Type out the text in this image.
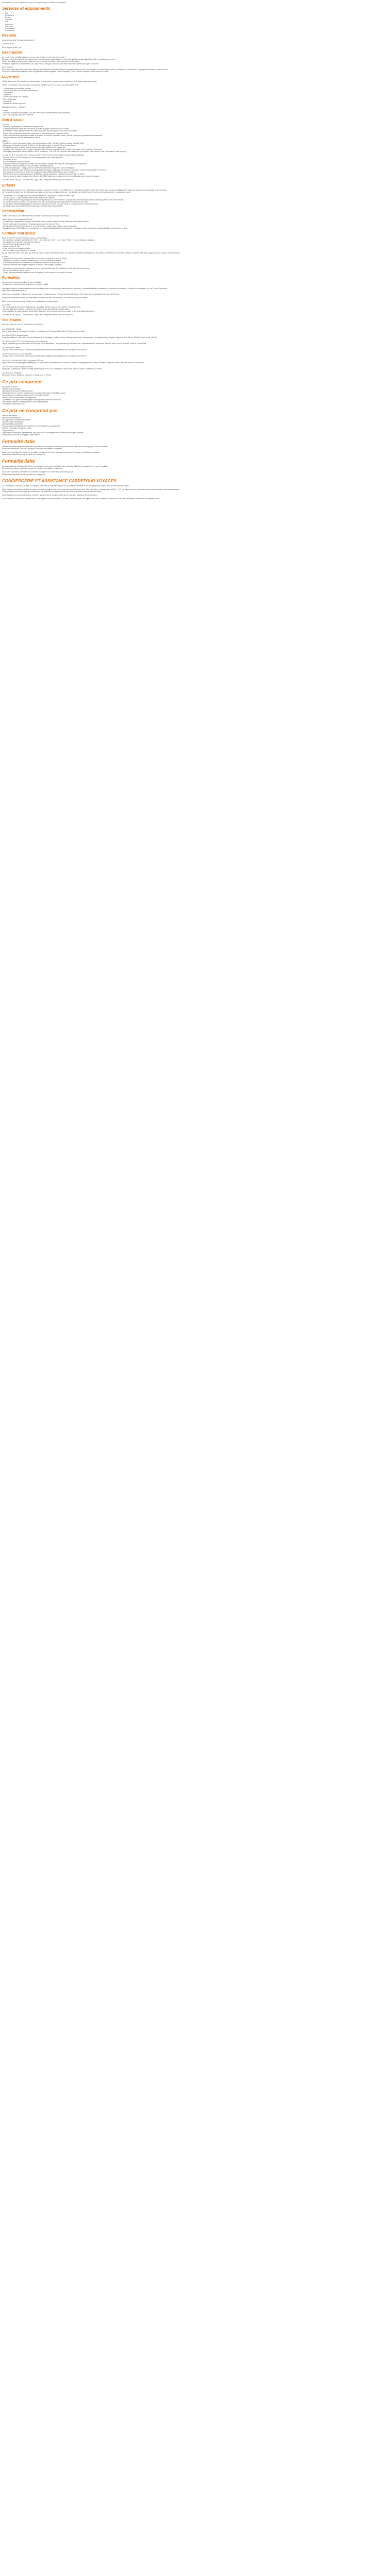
Descriptions Ce prix comprend / Ce prix ne comprend pas Formalités Conciergerie
Services et équipements
- Wifi
- Restaurant
- Piscine
- Climatisé
- Golf
- Ascenseur
- Télévision
- Climatisation
- Conciergerie
Résumé
Logement au club Framissima Agrustos 4*
Circuit en étoile
Sans support guide / jour
Description
Ce circuit est un véritable plongeon au coeur de la culture et du patrimoine sarde !
Découvrez des sites naturels exceptionnels ornés des criques paradisiaques et des régions citées au sans laquelle profiter de vos vacances pour...
Visitez des villages typiquement méditerranéens et goûtez aux plaisirs gastronomiques de la région.
Profitez du logement au Framissima Del Golfo 4* tout au long du circuit et ainsi retrouvez votre chambre pour plus de confort.
INFO VENTE :
Excursions regroupant avec des clients logeant dans différents hôtels et résidents (les participants peuvent donc changer d'une excursion à l'autre), placées sur le même bus et regroupant les clients de tout le circuit.
Excursions peuvent être réalisées avec un guide en plusieurs langues (dont le français). Guide pouvant changer d'une excursion à l'autre.
Logement
L'hôtel dispose de 131 chambres modernes dans le style sarde et répartie dans 4 bâtiments de 2 étages (sans ascenseur).
Durant votre séjour, nous vous logez en chambre standard (17 à 21 m²) avec ou patio (équipée de :
- 2 lits simples (pouvant être accolés)
- Salle de bain avec douche et sèche-cheveux
- Climatisation
- Téléphone
- Télévision (chaînes par satellite)
- Mini-réfrigérateur
- Coffre-fort
- Fenêtre vue jardin ou piscine
Capacité maximum : 2 adultes
A noter :
- Certaines chambres aménagées pour les personnes à mobilité réduite (sur demande).
- Wi-Fi est disponible dans les chambres.
Bon à savoir
CIRCUIT :
- Minimum 2 participants et maximum 50 participants
- Guide francophone durant les excursions (pouvant changer d'une excursion à l'autre)
- Possibilité de regroupement durant les excursions avec des participants d'une autre compagnie
- Repas selon programme durant les excursions et les boissons sont incluses à l'hôtel
- L'ordre des excursions peut être modifié en fonction de certains impératifs locaux, mais le contenu du programme sera respecté.
- Taxe portuaire aux îles de la Maddalena incluse
HÔTEL :
- Transfert en apéro (voyages) (sauf en cas de heures de retour). Temps d'attente possible : jusqu'à 1h30.
- Chambres à disposition à partir de 16h le jour de votre arrivée et jusqu'à 10h le jour du départ.
- Possibilité de sortie, mais ce taux demande votre disponibilité et son supplément.
- Jusqu'au 14/9 : Nouvelle mise en place directive Savoir (tous les samedis matin), l'hôtel ouvre après midi et les jours de travaux.
- Information susceptible d'être modifié en cours de saison) : 100 EUR par personne aller-retour (sur réservation, sous réserve d'une réservation à partir du prix).
- A partir du 11/9 : Nouvelle mise en place directive Porto Torres (sur réservation minimum 20 participants)
- Arrêt de bus à 50 m de l'hôtel (en ce mode relativement avec Savoir et Sacro.
- Chambres au rez.
- Pas de chambres communicantes.
- Espaces communs et plage accessibles aux personnes à mobilité réduite (Grill d'éclairage) (GB disponibles).
- 4 chambres standard adaptées aux personnes à mobilité réduite.
- Animaux domestiques : 15 kg admis sur réservation préalable uniquement (300 EUR/séjour).
- Selon la loi italienne, l'âge minimum pour la pratique des sports nautiques est de 14 ans. Consult : mineurs accompagnés d'un parent.
- Parking privé à l'extérieur de l'hôtel, en fonction de disponibilité (20 EUR/jour, payé sur place).
- Prêt de serviettes de plage (caution de 10 EUR en espèce seulement, changement de serviette : 3 EUR).
- Taxe de séjour à régler sur place (dès 15 ans) : 2.5 EUR/nuit/personne sous réserve de modification par les autorités locales.
CONSEIL ELECTRIQUE : 230V et 50Hz. Type F et L. Adaptateur nécessaire pour le prise L.
Enfants
Les Framissima sont pour vos enfants synonymes de vacances réussies et inoubliables ! Le kit d'accueil est offert à tous les enfants, cela va des produits pour les petits aux grands jeux sur la plage et de la reprise.
Le Framiclub est animé par des éducateurs du sport comme par des animateurs, de... de dessins, de l'activité sportive aux jeux de la découverte en passant au sport...
- Club enfant 4 à 10 ans (gratuit et par ses animateurs) à 7 ans selon la période et selon l'âge.
- Junior Club (11-17 ans) fonctionnement selon de plus de 5 enfants.
- Le bar gratuit 09/09/2006 (Indiqué) le montant de la présence ou bien le même le club propose des animations et des activités sportives et la soirée enfants.
- Le club pour bébés (0-3 ans) : sur demande, contacter la réception pour la disponibilité des services du centre.
- Le bar gratuit 09/09/2006 (Indiqué) le montant de la présence sur les bons de même le club propose des animations et les.
- Le club propose des activités et des sorties pour enfants (selon disponibilité).
Restauration
Durant votre séjour, vous bénéficiez de la formule tout inclus (voir rubrique tout inclus)
L'hôtel dispose d'un restaurant et 1 bar :
- Le restaurant principal vous propose des buffets variés, cuisine italienne et internationale, des soirées à thème.
- Pour les fêtes de fin d'année, les Framissima proposent le dîner à thème.
- Le bar piscine 09:00 / 23:00 : la bière, vin de la maison, sodas, eaux, snacks, cafés et cocktails.
- Snack bar plage 10:00 / 18:00 sur réservation. Les boissons alcoolisées et non alcoolisées proposées au bar en fonction des disponibilités, confort selon la carte.
Formule tout inclus
Dans le cadre de votre formule tout inclus, vous bénéficiez :
- de la pension complète (petit déjeuner 7h30 / 10h ; déjeuner 12h30 / 14h et dîner 19h30 / 21h) au restaurant principal.
- de snacks sucrés et salés pour la fin de matinée
- petit déjeuner tardif à partir de 10h
- goûter à partir de 16h
- d'une sélection de boissons locales :
- bar, vin, sodas, eaux minérales (à volonté)
Au bar central de 10h à 23h : eau, jus de fruits, sodas, sirops, café frappé, bière, vin, apéritifs et digestifs italiens (amaro, limoncello...) ; sélection de cocktails ; boissons chaudes (café filtré, cappuccino, thé, tisane, chocolat chaud).
A noter :
- Les boissons sont servies au verre selon les horaires en vigueur au sein de l'hôtel.
- Système de bracelet en carte à présenter pour toute consommation au bar
- Il est interdit de servir les boissons alcoolisées aux mineurs de moins de 18 ans.
- Certaines activités ne sont pas comprises et les prix sont indiqués sur place.
- Les horaires d'ouverture des restaurants et bars sont mentionnés à titre indicatif et sont à reconfirmer sur place.
- Pas de possibilité de panier repas.
- Toutes les consommations prises au bar de la plage ne sont pas incluses dans la formule.
Formalités
Ressortissants français (adultes, bébés et enfants) :
- Passeport ou carte nationale d'identité en cours de validité
Les règles relatives au franchissement des frontières propres à chaque pays étant amenées à évoluer, il vous est fortement conseillé de se reporter à la rubrique "Conseils aux voyageurs" du site France Diplomatie
(https://www.diplomatie.gouv.fr).
Les mineurs voyageant seuls ou avec une personne ne disposant pas de l'autorité parentale doivent être munis d'une autorisation de sortie du territoire.
Pour toute information relative aux formalités, se rapprocher de l'ambassade ou du consulat du pays concerné.
Nous vous recommandons de vérifier les formalités avant chaque départ.
A NOTER :
- En cas d'oubli de votre pièce d'identité, la compagnie aérienne pourra vous refuser l'embarquement.
- La carte d'identité française prolongée de 5 ans n'est pas acceptée par certains pays.
- Les modalités de passeport sont susceptibles d'évoluer, les voyageurs doivent consulter le site www.diplomatie.gouv.fr.
CONSEIL ELECTRIQUE : 230V et 50Hz. Type F et L. Adaptateur nécessaire pour la prise L.
Vos étapes
PROGRAMME VALIDE DU 13/04/2025 AU 26/09/25
Jour 1 FRANCE - OLBIA
Arrivée selon plan de vol. Accueil, transfert et installation au Framissima Del Golfo 4*. Dîner et nuit à l'hôtel.
Jour 2 ALGHERO (demi-journée)
Route pour Alghero, ville portée du plus attrayant de la Sardaigne. Visite du centre historique avec ses ruelles pavées, ses églises et ses remparts. Déjeuner libre. Retour à l'hôtel. Dîner et nuit à l'hôtel.
Jour 3 ARCHIPEL DE LA MADDALENA (journée / 180 km)
Départ en bateau pour la découverte de l'archipel de La Maddalena. Tour panoramique de l'île en bus. Déjeuner dans un restaurant. Retour à Palau. Retour à l'hôtel. Dîner et nuit à l'hôtel.
Jour 4 LOISIRS LIBRE
Journée libre en formule tout compris pour profiter des installations et animations du Framissima Del Golfo 4*.
Jour 5 VALLÉE DE LA LUNA (journée)
Journée libre en formule tout compris pour profiter des installations et animations du Framissima Del Golfo 4*.
Jour 6 SUD SARDAIGNE VIEILLE (journée / 180 km)
Départ à travers des paysages magnifiques à la découverte des traditions de la Gallura. Arrivée au village typique de Tempio Pausania. Déjeuner. Retour à l'hôtel. Dîner et nuit à l'hôtel.
Jour 7 CASTELSARDO (demi-journée)
Route vers Castelsardo. Visite du village médiéval perché sur un promontoire. Temps libre. Retour à l'hôtel. Dîner et nuit à l'hôtel.
Jour 8 OLBIA - FRANCE
Selon plan de vol, transfert à l'aéroport et départ pour la France.
Ce prix comprend
Le vol aller et retour
Les taxes aéroportuaires
Les transferts aéroport / hôtel / aéroport
L'hébergement en chambre standard au Framissima Del Golfo 4* (fenêtre incluse)
Les repas selon programme et la formule tout inclus à l'hôtel
Les excursions mentionnées au programme
La présence d'un guide accompagnateur francophone durant les excursions
Les entrées, visites et activités prévues dans le programme
L'assistance pendant le séjour
Ce prix ne comprend pas
Les frais de dossier
Les frais de modification
Le supplément chambre individuelle
Les assurances facultatives
Les dépenses personnelles
Les excursions facultatives et les activités non mentionnées au programme
Les taxes de séjour à régler sur place
Les pourboires
Les garanties assistance, rapatriement, frais médicaux et d'hospitalisation, assistance juridique et pénale.
Les garanties annulation, bagages, retard aérien.
Formalité Italie
Les ressortissants français doivent être en possession d'une pièce d'identité (carte nationale d'identité ou passeport) en cours de validité.
Pour vos informations, consultez la page du ministère des affaires étrangères.
Nous vous conseillons de vérifier les formalités en vigueur sur le site www.diplomatie.gouv.fr (rubrique conseils aux voyageurs).
https://www.diplomatie.gouv.fr (conseils aux voyageurs)
Formalité Italie
Les ressortissants français doivent être en possession d'une pièce d'identité (carte nationale d'identité ou passeport) en cours de validité.
Pour vos informations, consultez la page du ministère des affaires étrangères.
Nous vous conseillons de vérifier les formalités en vigueur sur le site www.diplomatie.gouv.fr.
https://www.diplomatie.gouv.fr (conseils aux voyageurs)
CONCIERGERIE ET ASSISTANCE CARREFOUR VOYAGES
Le Conciergerie Carrefour Voyages s'occupe de votre séjour, votre séjour pour vos services sélectionnés et accompagnement complet dans la suite de votre départ.
Notre équipe vous assiste à toutes les étapes de votre voyage, depuis votre réservation jusqu'à votre retour. Nos conseillers sont joignables 24h/24 et 7j/7 par téléphone pour répondre à toutes vos demandes et vous accompagner.
Vous pouvez joindre les équipes de service client par téléphone, email, pour toute demande ou question concernant votre séjour.
Les conciergeries concernent dans un contexte, les services de voyages, telles que les services d'affaires, de conciergerie.
Vos informations concernant les services de conciergerie sont personnelles et fournies directement par nos équipes lors de la réservation. Retrouvez toutes les informations utiles dans votre espace client.
